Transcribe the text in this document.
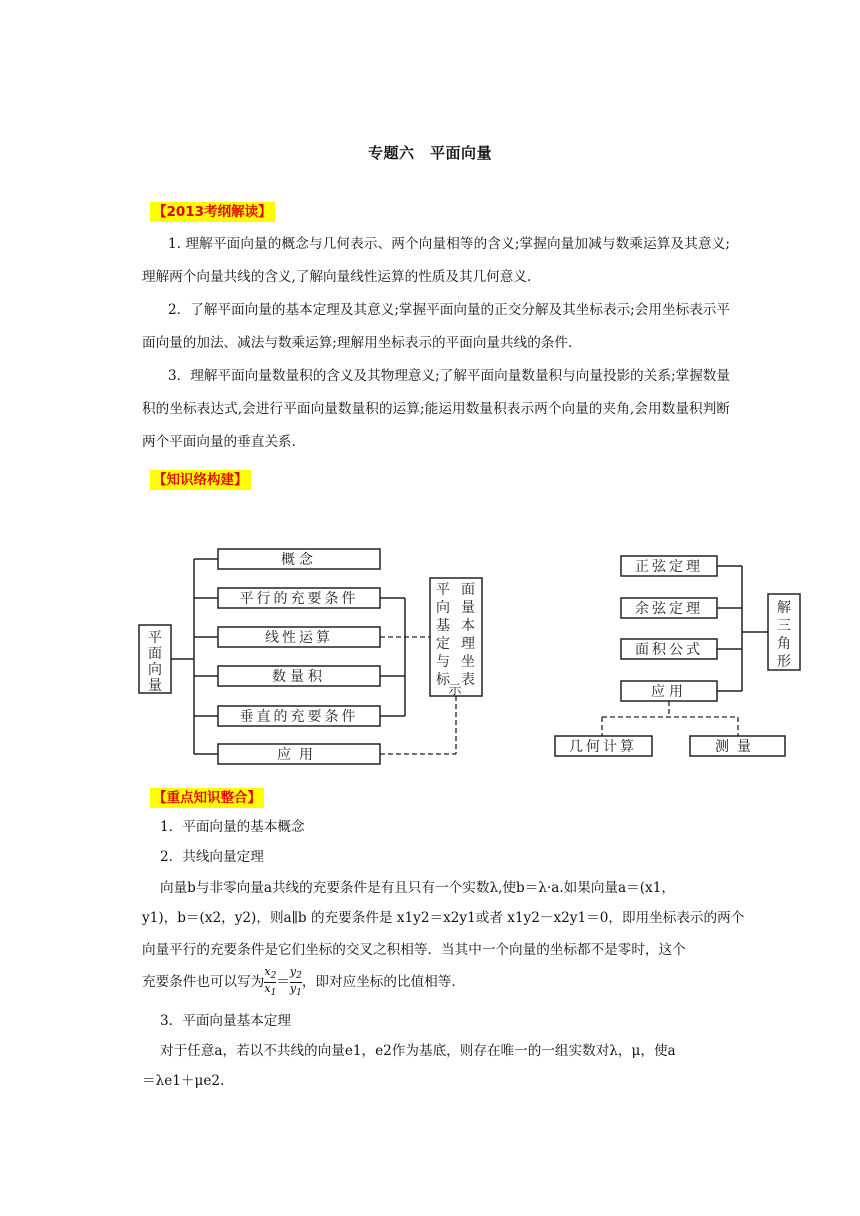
专题六　平面向量
【2013考纲解读】
1. 理解平面向量的概念与几何表示、两个向量相等的含义;掌握向量加减与数乘运算及其意义;理解两个向量共线的含义,了解向量线性运算的性质及其几何意义.
2．了解平面向量的基本定理及其意义;掌握平面向量的正交分解及其坐标表示;会用坐标表示平面向量的加法、减法与数乘运算;理解用坐标表示的平面向量共线的条件.
3．理解平面向量数量积的含义及其物理意义;了解平面向量数量积与向量投影的关系;掌握数量积的坐标表达式,会进行平面向量数量积的运算;能运用数量积表示两个向量的夹角,会用数量积判断两个平面向量的垂直关系.
【知识络构建】
平
面
向
量
概念
平行的充要条件
线性运算
数量积
垂直的充要条件
应用
平
向
基
定
与
标
面
量
本
理
坐
表
示
正弦定理
余弦定理
面积公式
应用
解
三
角
形
几何计算	测量
【重点知识整合】
1．平面向量的基本概念
2．共线向量定理
向量b与非零向量a共线的充要条件是有且只有一个实数λ,使b＝λ·a.如果向量a＝(x1，
y1)，b＝(x2，y2)，则a∥b 的充要条件是 x1y2＝x2y1或者 x1y2－x2y1＝0，即用坐标表示的两个
向量平行的充要条件是它们坐标的交叉之积相等．当其中一个向量的坐标都不是零时，这个
充要条件也可以写为 $\frac{x_2}{x_1} = \frac{y_2}{y_1}$ ，即对应坐标的比值相等．
3．平面向量基本定理
对于任意a，若以不共线的向量e1，e2作为基底，则存在唯一的一组实数对λ，μ，使a
＝λe1＋μe2.
